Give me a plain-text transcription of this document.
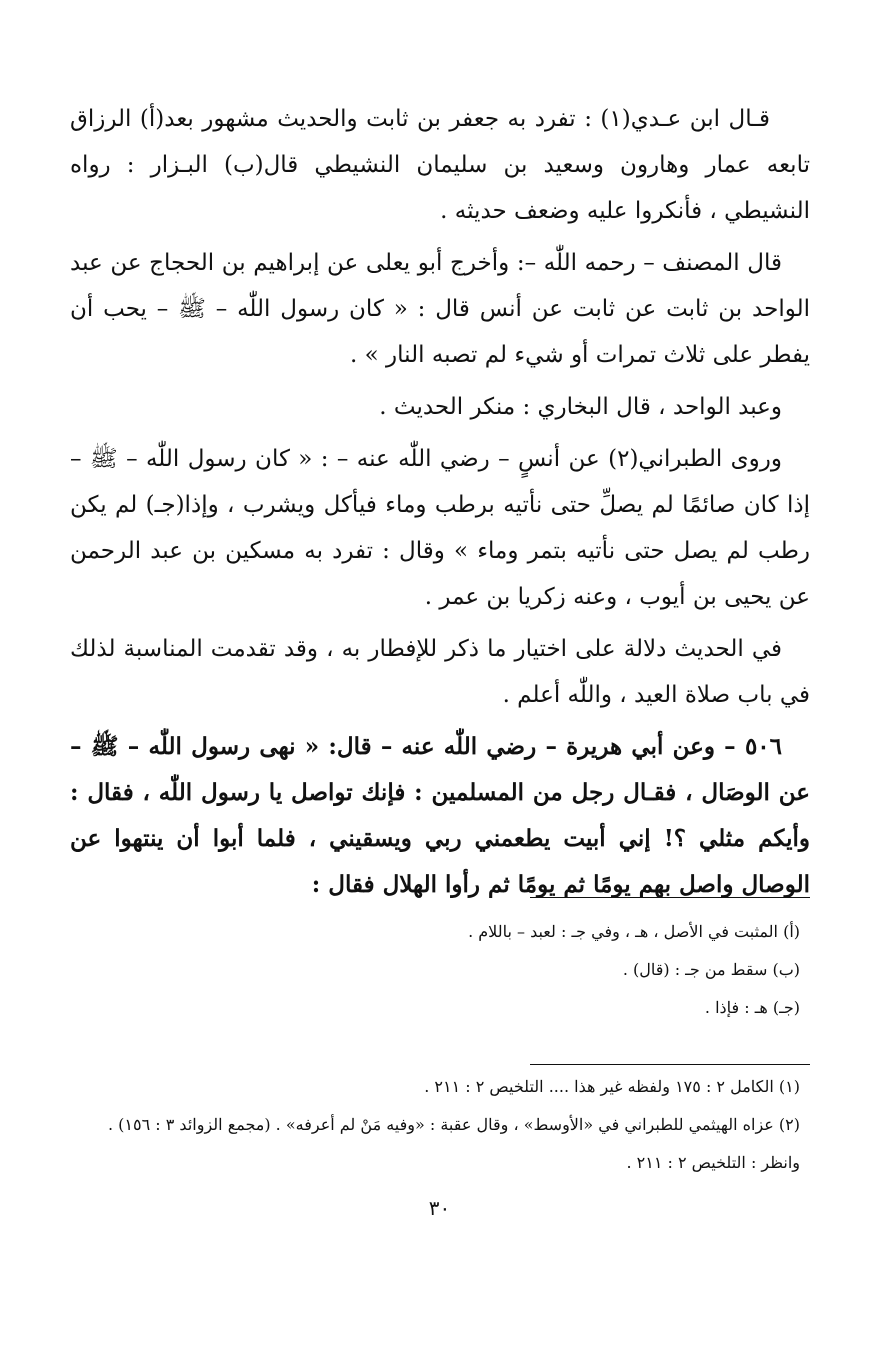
قـال ابن عـدي(١) : تفرد به جعفر بن ثابت والحديث مشهور بعد(أ) الرزاق تابعه عمار وهارون وسعيد بن سليمان النشيطي قال(ب) البـزار : رواه النشيطي ، فأنكروا عليه وضعف حديثه .

قال المصنف – رحمه اللّٰه –: وأخرج أبو يعلى عن إبراهيم بن الحجاج عن عبد الواحد بن ثابت عن ثابت عن أنس قال : « كان رسول اللّٰه – ﷺ – يحب أن يفطر على ثلاث تمرات أو شيء لم تصبه النار » .

وعبد الواحد ، قال البخاري : منكر الحديث .

وروى الطبراني(٢) عن أنسٍ – رضي اللّٰه عنه – : « كان رسول اللّٰه – ﷺ – إذا كان صائمًا لم يصلِّ حتى نأتيه برطب وماء فيأكل ويشرب ، وإذا(جـ) لم يكن رطب لم يصل حتى نأتيه بتمر وماء » وقال : تفرد به مسكين بن عبد الرحمن عن يحيى بن أيوب ، وعنه زكريا بن عمر .

في الحديث دلالة على اختيار ما ذكر للإفطار به ، وقد تقدمت المناسبة لذلك في باب صلاة العيد ، واللّٰه أعلم .

٥٠٦ – وعن أبي هريرة – رضي اللّٰه عنه – قال: « نهى رسول اللّٰه – ﷺ – عن الوصَال ، فقـال رجل من المسلمين : فإنك تواصل يا رسول اللّٰه ، فقال : وأيكم مثلي ؟! إني أبيت يطعمني ربي ويسقيني ، فلما أبوا أن ينتهوا عن الوصال واصل بهم يومًا ثم يومًا ثم رأوا الهلال فقال :

(أ) المثبت في الأصل ، هـ ، وفي جـ : لعبد – باللام .

(ب) سقط من جـ : (قال) .

(جـ) هـ : فإذا .

(١) الكامل ٢ : ١٧٥ ولفظه غير هذا .... التلخيص ٢ : ٢١١ .

(٢) عزاه الهيثمي للطبراني في «الأوسط» ، وقال عقبة : «وفيه مَنْ لم أعرفه» . (مجمع الزوائد ٣ : ١٥٦) . وانظر : التلخيص ٢ : ٢١١ .

٣٠
